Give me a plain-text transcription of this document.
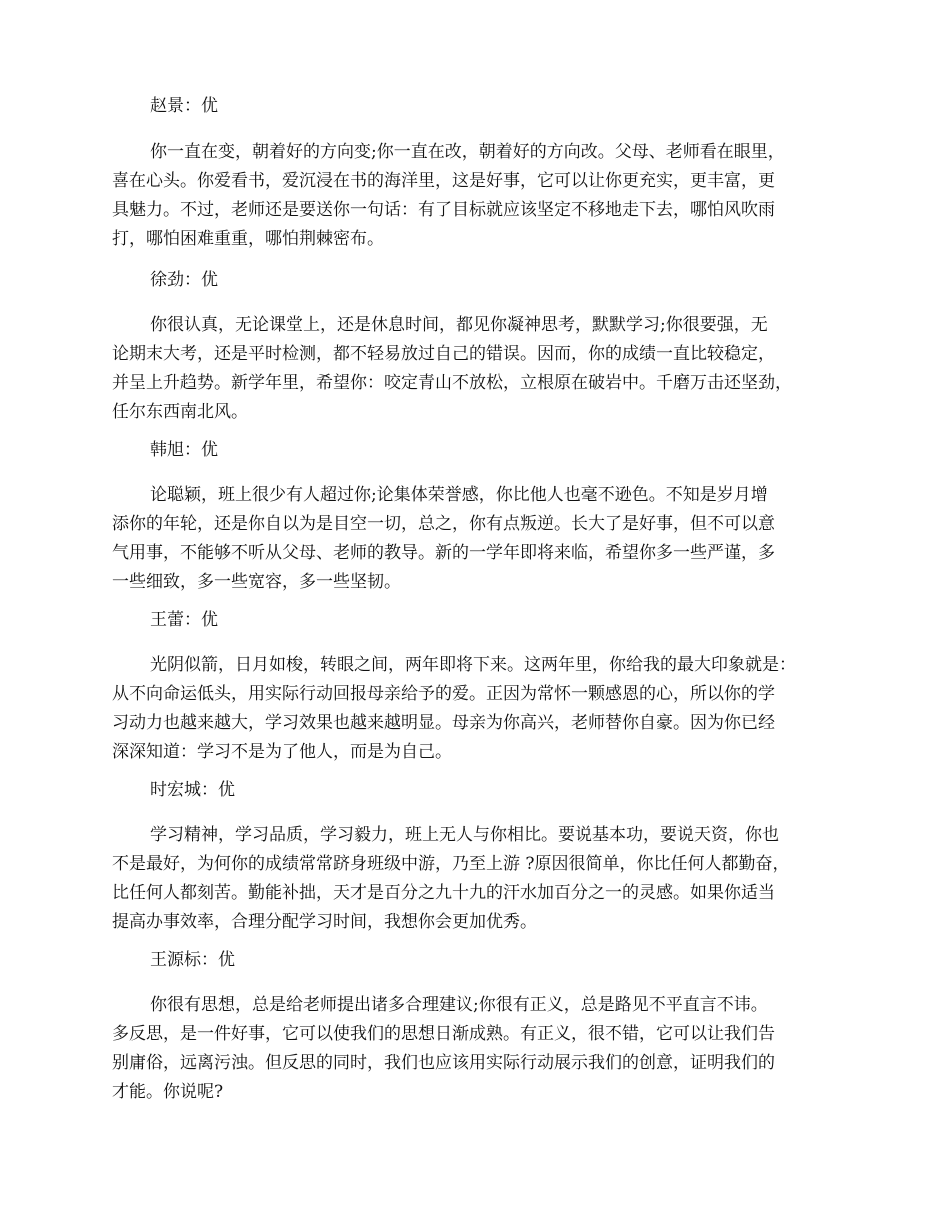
赵景：优
你一直在变，朝着好的方向变;你一直在改，朝着好的方向改。父母、老师看在眼里，
喜在心头。你爱看书，爱沉浸在书的海洋里，这是好事，它可以让你更充实，更丰富，更
具魅力。不过，老师还是要送你一句话：有了目标就应该坚定不移地走下去，哪怕风吹雨
打，哪怕困难重重，哪怕荆棘密布。
徐劲：优
你很认真，无论课堂上，还是休息时间，都见你凝神思考，默默学习;你很要强，无
论期末大考，还是平时检测，都不轻易放过自己的错误。因而，你的成绩一直比较稳定，
并呈上升趋势。新学年里，希望你：咬定青山不放松，立根原在破岩中。千磨万击还坚劲，
任尔东西南北风。
韩旭：优
论聪颖，班上很少有人超过你;论集体荣誉感，你比他人也毫不逊色。不知是岁月增
添你的年轮，还是你自以为是目空一切，总之，你有点叛逆。长大了是好事，但不可以意
气用事，不能够不听从父母、老师的教导。新的一学年即将来临，希望你多一些严谨，多
一些细致，多一些宽容，多一些坚韧。
王蕾：优
光阴似箭，日月如梭，转眼之间，两年即将下来。这两年里，你给我的最大印象就是：
从不向命运低头，用实际行动回报母亲给予的爱。正因为常怀一颗感恩的心，所以你的学
习动力也越来越大，学习效果也越来越明显。母亲为你高兴，老师替你自豪。因为你已经
深深知道：学习不是为了他人，而是为自己。
时宏城：优
学习精神，学习品质，学习毅力，班上无人与你相比。要说基本功，要说天资，你也
不是最好，为何你的成绩常常跻身班级中游，乃至上游 ?原因很简单，你比任何人都勤奋，
比任何人都刻苦。勤能补拙，天才是百分之九十九的汗水加百分之一的灵感。如果你适当
提高办事效率，合理分配学习时间，我想你会更加优秀。
王源标：优
你很有思想，总是给老师提出诸多合理建议;你很有正义，总是路见不平直言不讳。
多反思，是一件好事，它可以使我们的思想日渐成熟。有正义，很不错，它可以让我们告
别庸俗，远离污浊。但反思的同时，我们也应该用实际行动展示我们的创意，证明我们的
才能。你说呢?
